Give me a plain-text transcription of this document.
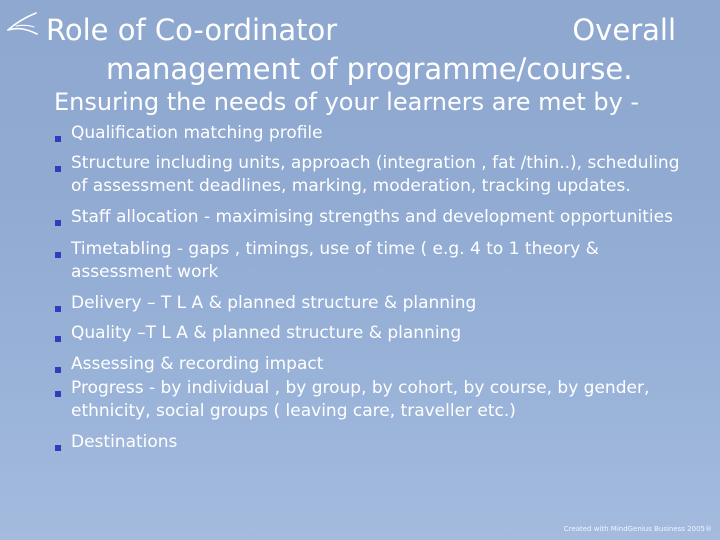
Role of Co-ordinator	Overall
management of programme/course.
Ensuring the needs of your learners are met by -
Qualification matching profile
Structure including units, approach (integration , fat /thin..), scheduling of assessment deadlines, marking, moderation, tracking updates.
Staff allocation - maximising strengths and development opportunities
Timetabling - gaps , timings, use of time ( e.g. 4 to 1 theory & assessment work
Delivery – T L A & planned structure & planning
Quality –T L A & planned structure & planning
Assessing & recording impact
Progress - by individual , by group, by cohort, by course, by gender, ethnicity, social groups ( leaving care, traveller etc.)
Destinations
Created with MindGenius Business 2005®
